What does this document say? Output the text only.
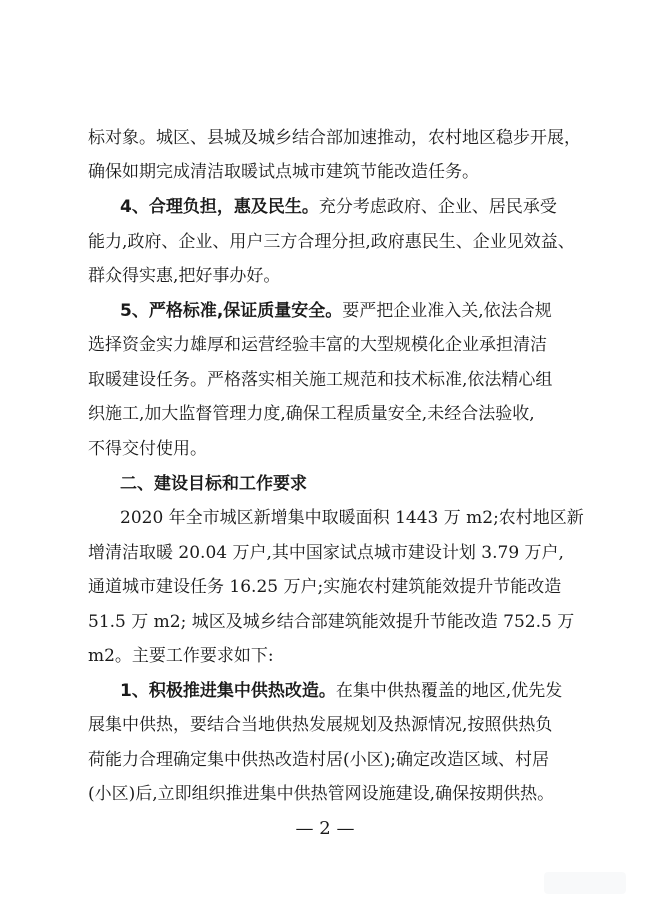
标对象。城区、县城及城乡结合部加速推动，农村地区稳步开展，
确保如期完成清洁取暖试点城市建筑节能改造任务。
4、合理负担，惠及民生。充分考虑政府、企业、居民承受
能力,政府、企业、用户三方合理分担,政府惠民生、企业见效益、
群众得实惠,把好事办好。
5、严格标准,保证质量安全。要严把企业准入关,依法合规
选择资金实力雄厚和运营经验丰富的大型规模化企业承担清洁
取暖建设任务。严格落实相关施工规范和技术标准,依法精心组
织施工,加大监督管理力度,确保工程质量安全,未经合法验收,
不得交付使用。
二、建设目标和工作要求
2020 年全市城区新增集中取暖面积 1443 万 m2;农村地区新
增清洁取暖 20.04 万户,其中国家试点城市建设计划 3.79 万户,
通道城市建设任务 16.25 万户;实施农村建筑能效提升节能改造
51.5 万 m2; 城区及城乡结合部建筑能效提升节能改造 752.5 万
m2。主要工作要求如下:
1、积极推进集中供热改造。在集中供热覆盖的地区,优先发
展集中供热，要结合当地供热发展规划及热源情况,按照供热负
荷能力合理确定集中供热改造村居(小区);确定改造区域、村居
(小区)后,立即组织推进集中供热管网设施建设,确保按期供热。
— 2 —
